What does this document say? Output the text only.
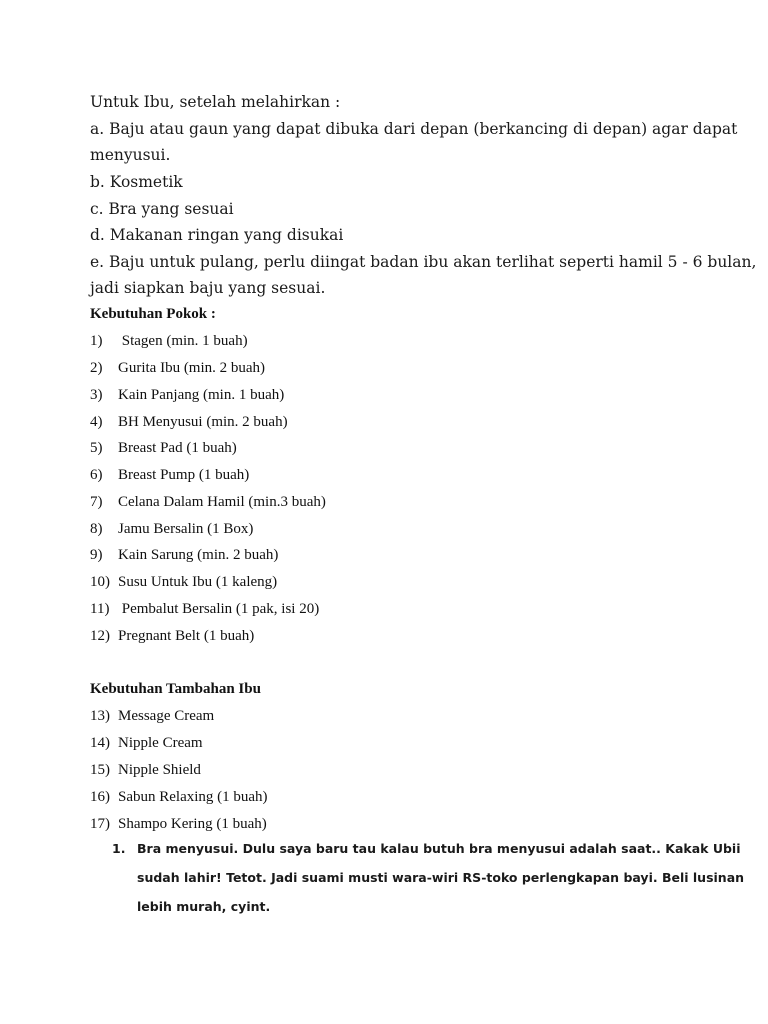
Untuk Ibu, setelah melahirkan :
a. Baju atau gaun yang dapat dibuka dari depan (berkancing di depan) agar dapat
menyusui.
b. Kosmetik
c. Bra yang sesuai
d. Makanan ringan yang disukai
e. Baju untuk pulang, perlu diingat badan ibu akan terlihat seperti hamil 5 - 6 bulan,
jadi siapkan baju yang sesuai.
Kebutuhan Pokok :
1) Stagen (min. 1 buah)
2) Gurita Ibu (min. 2 buah)
3) Kain Panjang (min. 1 buah)
4) BH Menyusui (min. 2 buah)
5) Breast Pad (1 buah)
6) Breast Pump (1 buah)
7) Celana Dalam Hamil (min.3 buah)
8) Jamu Bersalin (1 Box)
9) Kain Sarung (min. 2 buah)
10) Susu Untuk Ibu (1 kaleng)
11) Pembalut Bersalin (1 pak, isi 20)
12) Pregnant Belt (1 buah)
Kebutuhan Tambahan Ibu
13) Message Cream
14) Nipple Cream
15) Nipple Shield
16) Sabun Relaxing (1 buah)
17) Shampo Kering (1 buah)
1. Bra menyusui. Dulu saya baru tau kalau butuh bra menyusui adalah saat.. Kakak Ubii
sudah lahir! Tetot. Jadi suami musti wara-wiri RS-toko perlengkapan bayi. Beli lusinan
lebih murah, cyint.
